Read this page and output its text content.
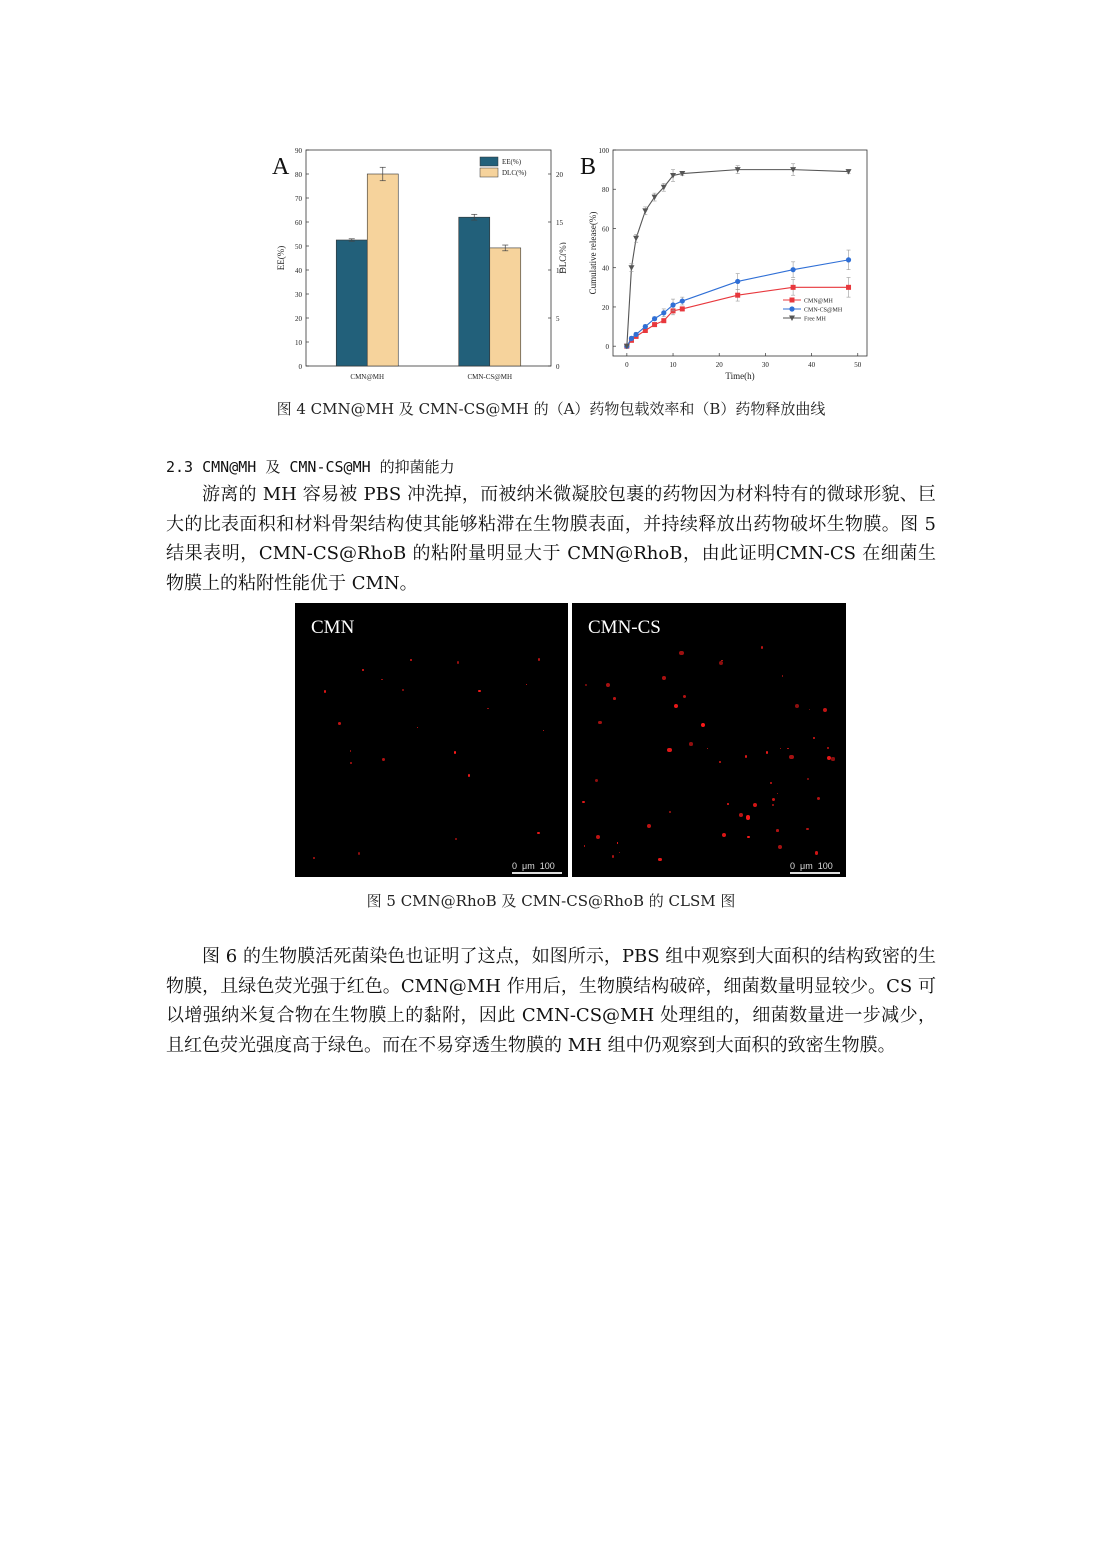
0
10
20
30
40
50
60
70
80
90
0
5
10
15
20
EE(%)	DLC(%)
CMN@MH	CMN-CS@MH
EE(%)
DLC(%)
A
0	10	20	30	40	50
0
20
40
60
80
100
Time(h)
Cumulative release(%)
CMN@MH
CMN-CS@MH
Free MH
B
图 4 CMN@MH 及 CMN-CS@MH 的（A）药物包载效率和（B）药物释放曲线
2.3 CMN@MH 及 CMN-CS@MH 的抑菌能力

游离的 MH 容易被 PBS 冲洗掉，而被纳米微凝胶包裹的药物因为材料特有的微球形貌、巨大的比表面积和材料骨架结构使其能够粘滞在生物膜表面，并持续释放出药物破坏生物膜。图 5 结果表明，CMN-CS@RhoB 的粘附量明显大于 CMN@RhoB，由此证明CMN-CS 在细菌生物膜上的粘附性能优于 CMN。

CMN
0 μm 100
CMN-CS
0 μm 100
图 5 CMN@RhoB 及 CMN-CS@RhoB 的 CLSM 图

图 6 的生物膜活死菌染色也证明了这点，如图所示，PBS 组中观察到大面积的结构致密的生物膜，且绿色荧光强于红色。CMN@MH 作用后，生物膜结构破碎，细菌数量明显较少。CS 可以增强纳米复合物在生物膜上的黏附，因此 CMN-CS@MH 处理组的，细菌数量进一步减少，且红色荧光强度高于绿色。而在不易穿透生物膜的 MH 组中仍观察到大面积的致密生物膜。
